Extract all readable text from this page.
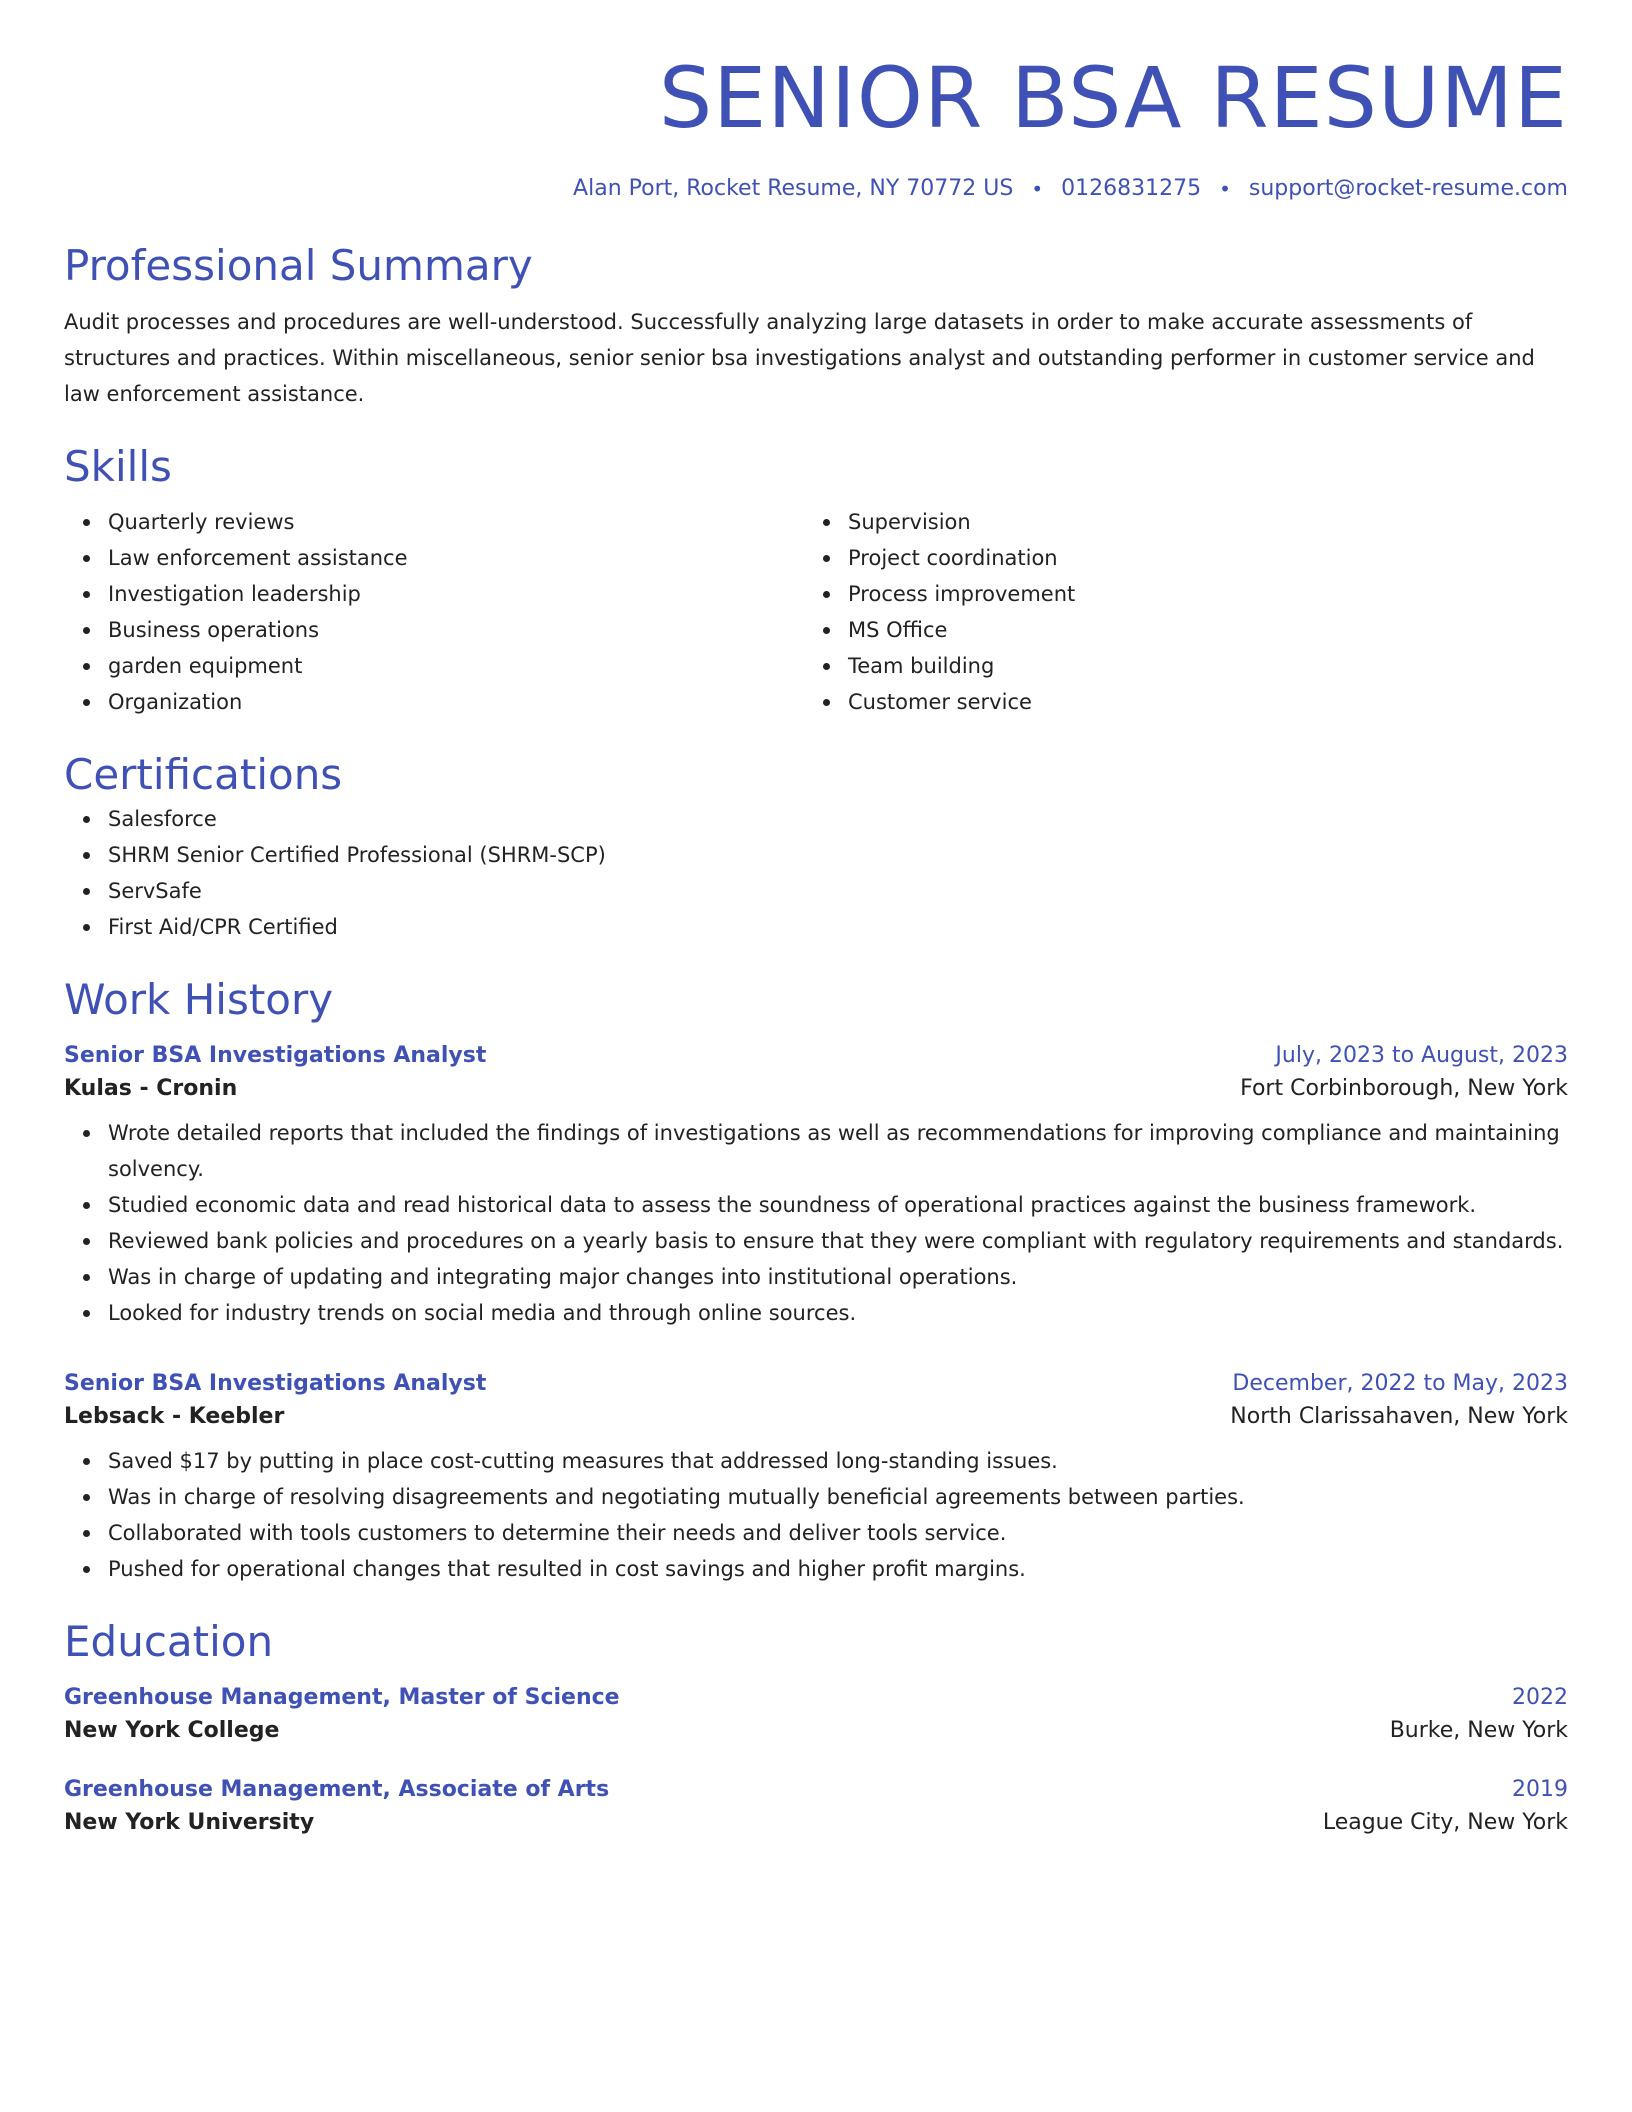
SENIOR BSA RESUME
Alan Port, Rocket Resume, NY 70772 US • 0126831275 • support@rocket-resume.com
Professional Summary

Audit processes and procedures are well-understood. Successfully analyzing large datasets in order to make accurate assessments of structures and practices. Within miscellaneous, senior senior bsa investigations analyst and outstanding performer in customer service and law enforcement assistance.

Skills
Quarterly reviews
Law enforcement assistance
Investigation leadership
Business operations
garden equipment
Organization
Supervision
Project coordination
Process improvement
MS Office
Team building
Customer service
Certifications
Salesforce
SHRM Senior Certified Professional (SHRM-SCP)
ServSafe
First Aid/CPR Certified
Work History
Senior BSA Investigations Analyst	July, 2023 to August, 2023
Kulas - Cronin	Fort Corbinborough, New York
Wrote detailed reports that included the findings of investigations as well as recommendations for improving compliance and maintaining solvency.
Studied economic data and read historical data to assess the soundness of operational practices against the business framework.
Reviewed bank policies and procedures on a yearly basis to ensure that they were compliant with regulatory requirements and standards.
Was in charge of updating and integrating major changes into institutional operations.
Looked for industry trends on social media and through online sources.
Senior BSA Investigations Analyst	December, 2022 to May, 2023
Lebsack - Keebler	North Clarissahaven, New York
Saved $17 by putting in place cost-cutting measures that addressed long-standing issues.
Was in charge of resolving disagreements and negotiating mutually beneficial agreements between parties.
Collaborated with tools customers to determine their needs and deliver tools service.
Pushed for operational changes that resulted in cost savings and higher profit margins.
Education
Greenhouse Management, Master of Science	2022
New York College	Burke, New York
Greenhouse Management, Associate of Arts	2019
New York University	League City, New York
